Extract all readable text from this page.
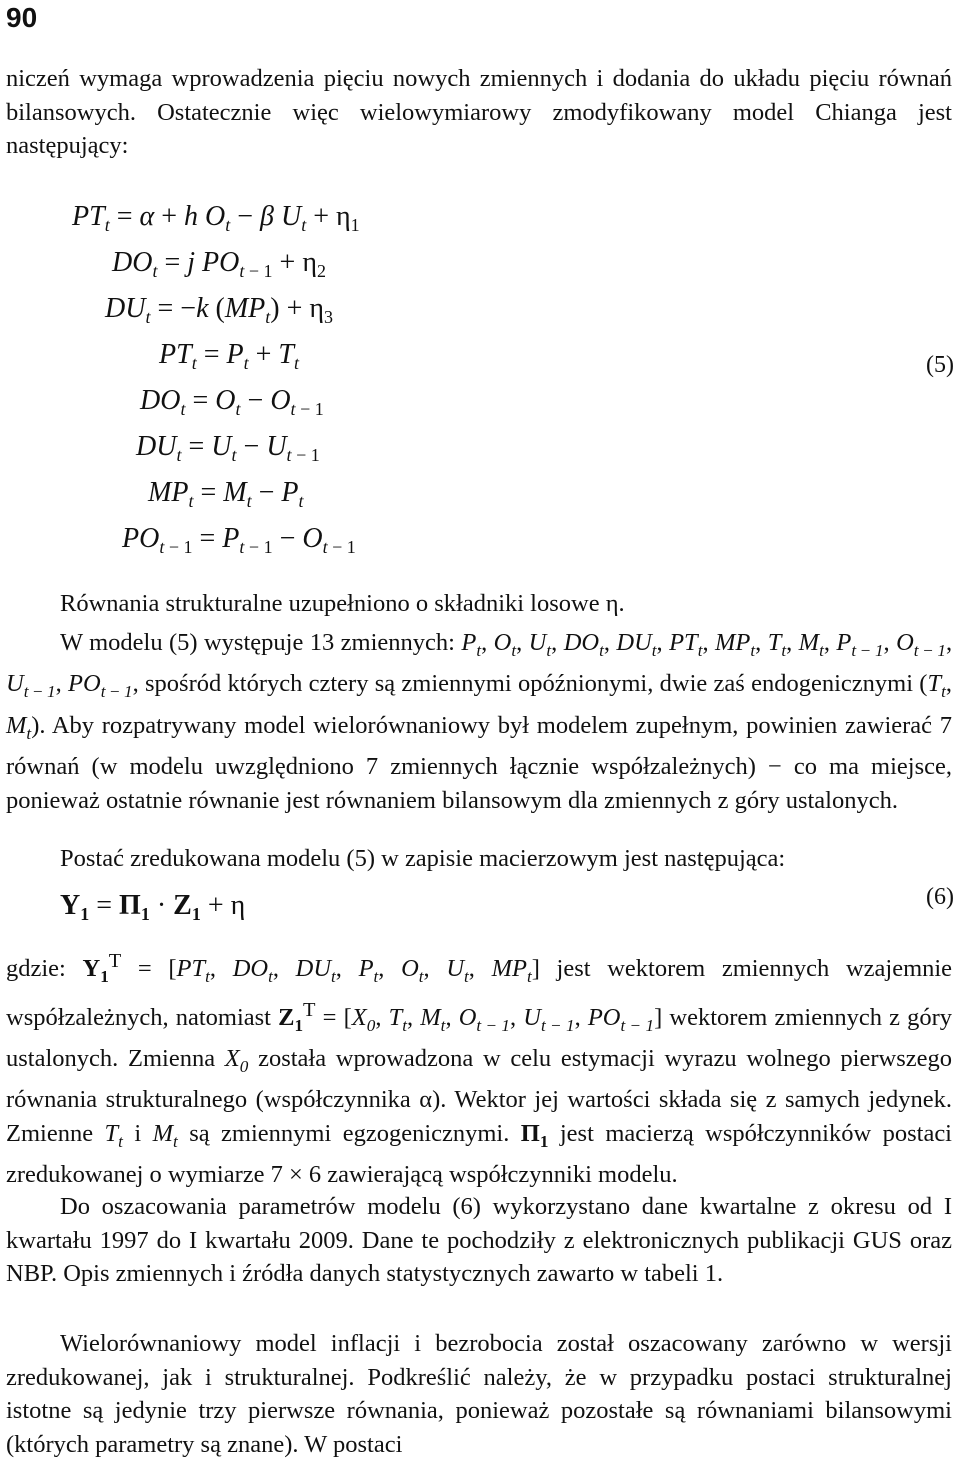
90
niczeń wymaga wprowadzenia pięciu nowych zmiennych i dodania do układu pięciu równań bilansowych. Ostatecznie więc wielowymiarowy zmodyfikowany model Chianga jest następujący:
$PT_t = \alpha + h$ $O_t - \beta$ $U_t + \eta_1$
$DO_t = j$ $PO_{t - 1} + \eta_2$
$DU_t = -k$ $(MP_t) + \eta_3$
$PT_t = P_t + T_t$
$DO_t = O_t - O_{t - 1}$
$DU_t = U_t - U_{t - 1}$
$MP_t = M_t - P_t$
$PO_{t - 1} = P_{t - 1} - O_{t - 1}$
(5)
Równania strukturalne uzupełniono o składniki losowe η.
W modelu (5) występuje 13 zmiennych: $P_t$, $O_t$, $U_t$, $DO_t$, $DU_t$, $PT_t$, $MP_t$, $T_t$, $M_t$, $P_{t - 1}$, $O_{t - 1}$, $U_{t - 1}$, $PO_{t - 1}$, spośród których cztery są zmiennymi opóźnionymi, dwie zaś endogenicznymi ($T_t$, $M_t$). Aby rozpatrywany model wielorównaniowy był modelem zupełnym, powinien zawierać 7 równań (w modelu uwzględniono 7 zmiennych łącznie współzależnych) − co ma miejsce, ponieważ ostatnie równanie jest równaniem bilansowym dla zmiennych z góry ustalonych.
Postać zredukowana modelu (5) w zapisie macierzowym jest następująca:
$Y_1 = \Pi_1 \cdot Z_1 + \eta$	(6)
gdzie: $Y_1^T = [PT_t$, $DO_t$, $DU_t$, $P_t$, $O_t$, $U_t$, $MP_t$] jest wektorem zmiennych wzajemnie współzależnych, natomiast $Z_1^T = [X_0$, $T_t$, $M_t$, $O_{t - 1}$, $U_{t - 1}$, $PO_{t - 1}$] wektorem zmiennych z góry ustalonych. Zmienna $X_0$ została wprowadzona w celu estymacji wyrazu wolnego pierwszego równania strukturalnego (współczynnika α). Wektor jej wartości składa się z samych jedynek. Zmienne $T_t$ i $M_t$ są zmiennymi egzogenicznymi. $\Pi_1$ jest macierzą współczynników postaci zredukowanej o wymiarze 7 × 6 zawierającą współczynniki modelu.
Do oszacowania parametrów modelu (6) wykorzystano dane kwartalne z okresu od I kwartału 1997 do I kwartału 2009. Dane te pochodziły z elektronicznych publikacji GUS oraz NBP. Opis zmiennych i źródła danych statystycznych zawarto w tabeli 1.
Wielorównaniowy model inflacji i bezrobocia został oszacowany zarówno w wersji zredukowanej, jak i strukturalnej. Podkreślić należy, że w przypadku postaci strukturalnej istotne są jedynie trzy pierwsze równania, ponieważ pozostałe są równaniami bilansowymi (których parametry są znane). W postaci
